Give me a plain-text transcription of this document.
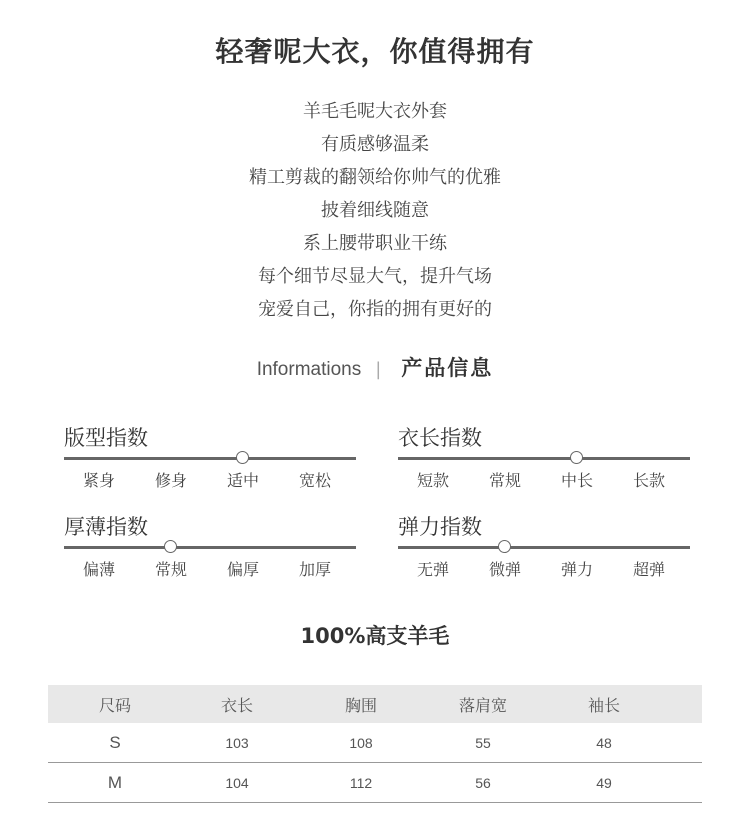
轻奢呢大衣，你值得拥有
羊毛毛呢大衣外套
有质感够温柔
精工剪裁的翻领给你帅气的优雅
披着细线随意
系上腰带职业干练
每个细节尽显大气，提升气场
宠爱自己，你指的拥有更好的
Informations | 产品信息
版型指数
紧身	修身	适中	宽松
衣长指数
短款	常规	中长	长款
厚薄指数
偏薄	常规	偏厚	加厚
弹力指数
无弹	微弹	弹力	超弹
100%高支羊毛
尺码	衣长	胸围	落肩宽	袖长	
S	103	108	55	48	
M	104	112	56	49	
